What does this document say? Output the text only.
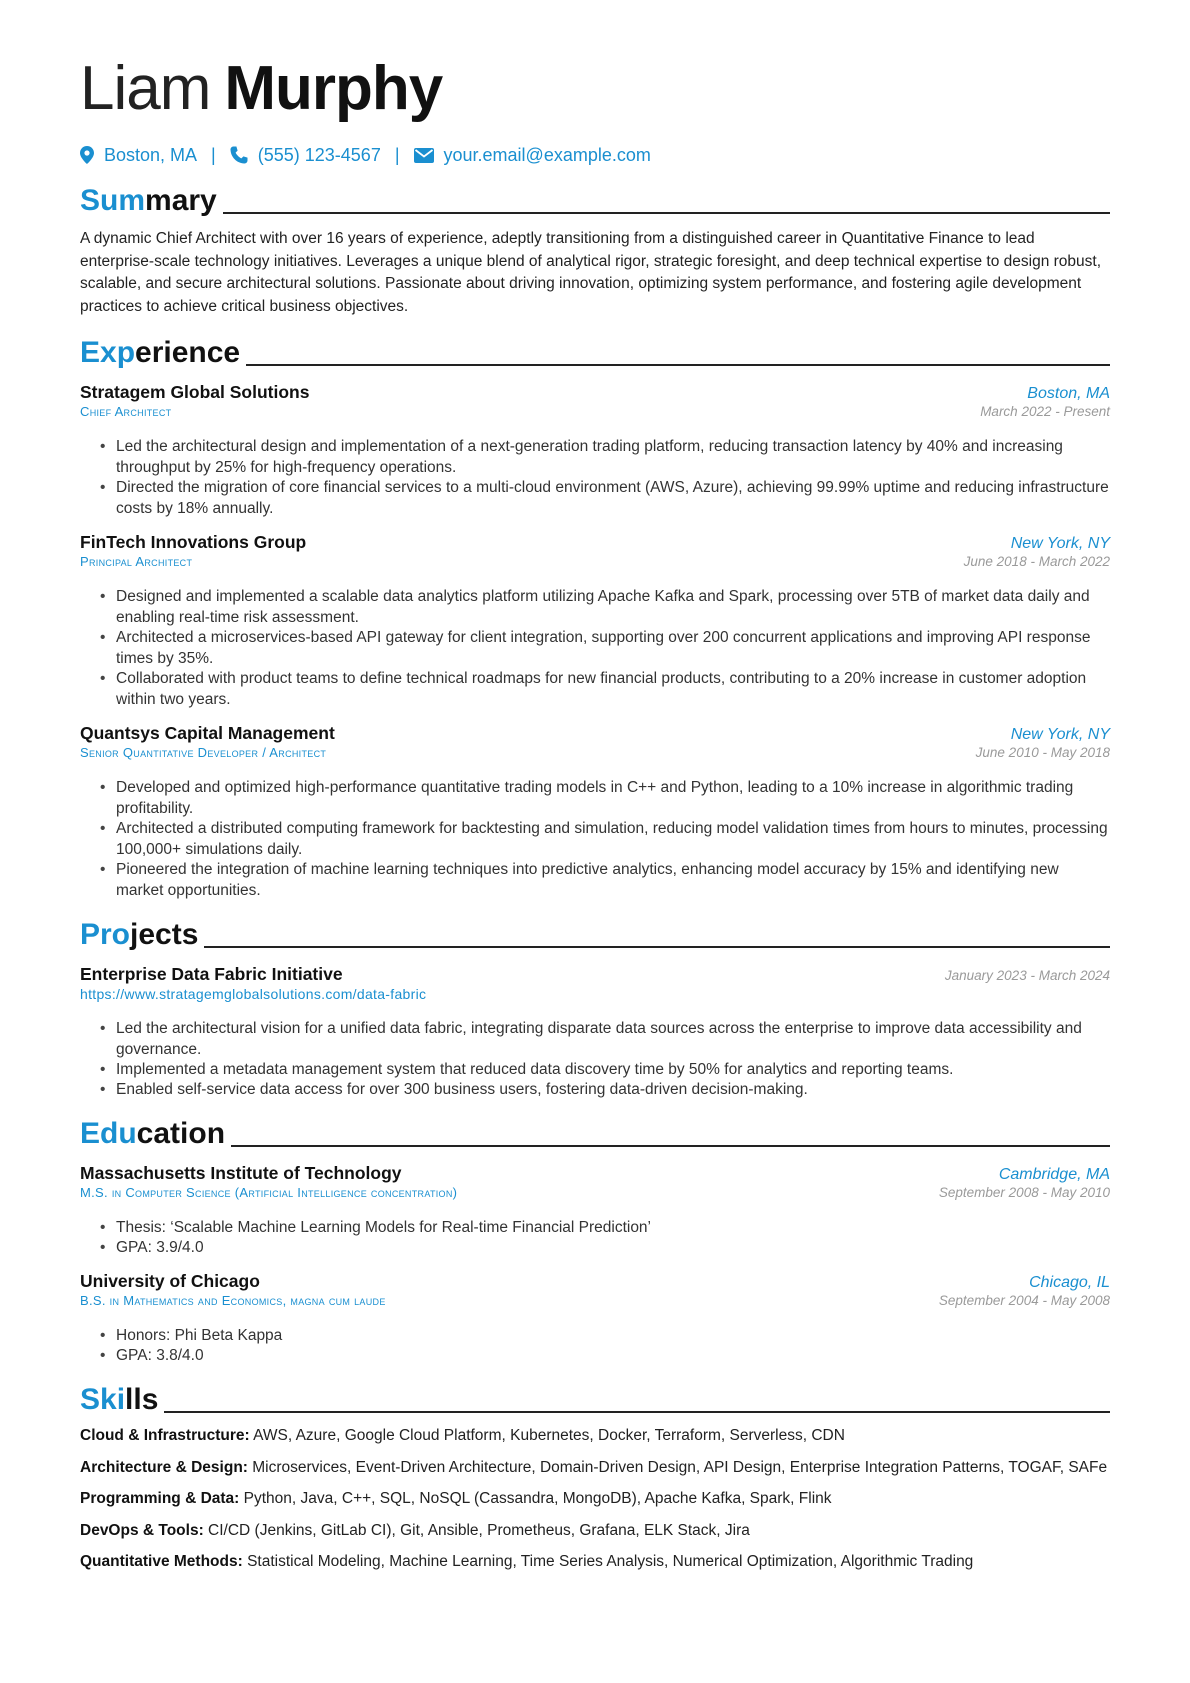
Liam Murphy
Boston, MA | (555) 123-4567 | your.email@example.com
Summary

A dynamic Chief Architect with over 16 years of experience, adeptly transitioning from a distinguished career in Quantitative Finance to lead enterprise-scale technology initiatives. Leverages a unique blend of analytical rigor, strategic foresight, and deep technical expertise to design robust, scalable, and secure architectural solutions. Passionate about driving innovation, optimizing system performance, and fostering agile development practices to achieve critical business objectives.

Experience
Stratagem Global Solutions	Boston, MA
Chief Architect	March 2022 - Present
• Led the architectural design and implementation of a next-generation trading platform, reducing transaction latency by 40% and increasing throughput by 25% for high-frequency operations.
• Directed the migration of core financial services to a multi-cloud environment (AWS, Azure), achieving 99.99% uptime and reducing infrastructure costs by 18% annually.
FinTech Innovations Group	New York, NY
Principal Architect	June 2018 - March 2022
• Designed and implemented a scalable data analytics platform utilizing Apache Kafka and Spark, processing over 5TB of market data daily and enabling real-time risk assessment.
• Architected a microservices-based API gateway for client integration, supporting over 200 concurrent applications and improving API response times by 35%.
• Collaborated with product teams to define technical roadmaps for new financial products, contributing to a 20% increase in customer adoption within two years.
Quantsys Capital Management	New York, NY
Senior Quantitative Developer / Architect	June 2010 - May 2018
• Developed and optimized high-performance quantitative trading models in C++ and Python, leading to a 10% increase in algorithmic trading profitability.
• Architected a distributed computing framework for backtesting and simulation, reducing model validation times from hours to minutes, processing 100,000+ simulations daily.
• Pioneered the integration of machine learning techniques into predictive analytics, enhancing model accuracy by 15% and identifying new market opportunities.
Projects
Enterprise Data Fabric Initiative	January 2023 - March 2024
https://www.stratagemglobalsolutions.com/data-fabric
• Led the architectural vision for a unified data fabric, integrating disparate data sources across the enterprise to improve data accessibility and governance.
• Implemented a metadata management system that reduced data discovery time by 50% for analytics and reporting teams.
• Enabled self-service data access for over 300 business users, fostering data-driven decision-making.
Education
Massachusetts Institute of Technology	Cambridge, MA
M.S. in Computer Science (Artificial Intelligence concentration)	September 2008 - May 2010
• Thesis: ‘Scalable Machine Learning Models for Real-time Financial Prediction’
• GPA: 3.9/4.0
University of Chicago	Chicago, IL
B.S. in Mathematics and Economics, magna cum laude	September 2004 - May 2008
• Honors: Phi Beta Kappa
• GPA: 3.8/4.0
Skills
Cloud & Infrastructure: AWS, Azure, Google Cloud Platform, Kubernetes, Docker, Terraform, Serverless, CDN
Architecture & Design: Microservices, Event-Driven Architecture, Domain-Driven Design, API Design, Enterprise Integration Patterns, TOGAF, SAFe
Programming & Data: Python, Java, C++, SQL, NoSQL (Cassandra, MongoDB), Apache Kafka, Spark, Flink
DevOps & Tools: CI/CD (Jenkins, GitLab CI), Git, Ansible, Prometheus, Grafana, ELK Stack, Jira
Quantitative Methods: Statistical Modeling, Machine Learning, Time Series Analysis, Numerical Optimization, Algorithmic Trading
